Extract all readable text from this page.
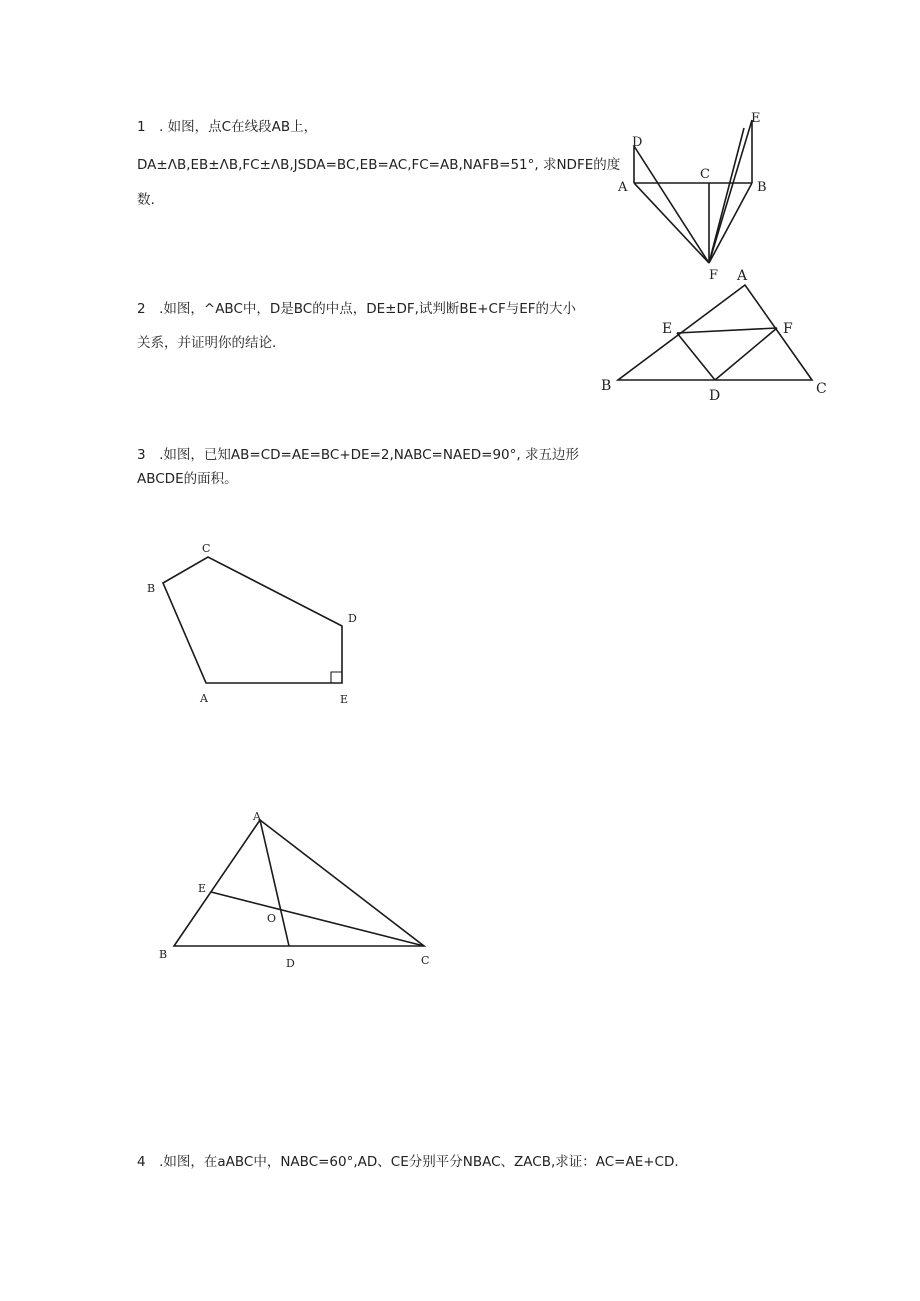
1　. 如图，点C在线段AB上，
DA±ΛB,EB±ΛB,FC±ΛB,JSDA=BC,EB=AC,FC=AB,NAFB=51°, 求NDFE的度
数.
2　.如图，^ABC中，D是BC的中点，DE±DF,试判断BE+CF与EF的大小
关系，并证明你的结论.
3　.如图，已知AB=CD=AE=BC+DE=2,NABC=NAED=90°, 求五边形
ABCDE的面积。
4　.如图，在aABC中，NABC=60°,AD、CE分别平分NBAC、ZACB,求证：AC=AE+CD.
D
E
A
C
B
F A
E	F
B
D	C
C
B
D
A	E
A
E
O
B
D	C
